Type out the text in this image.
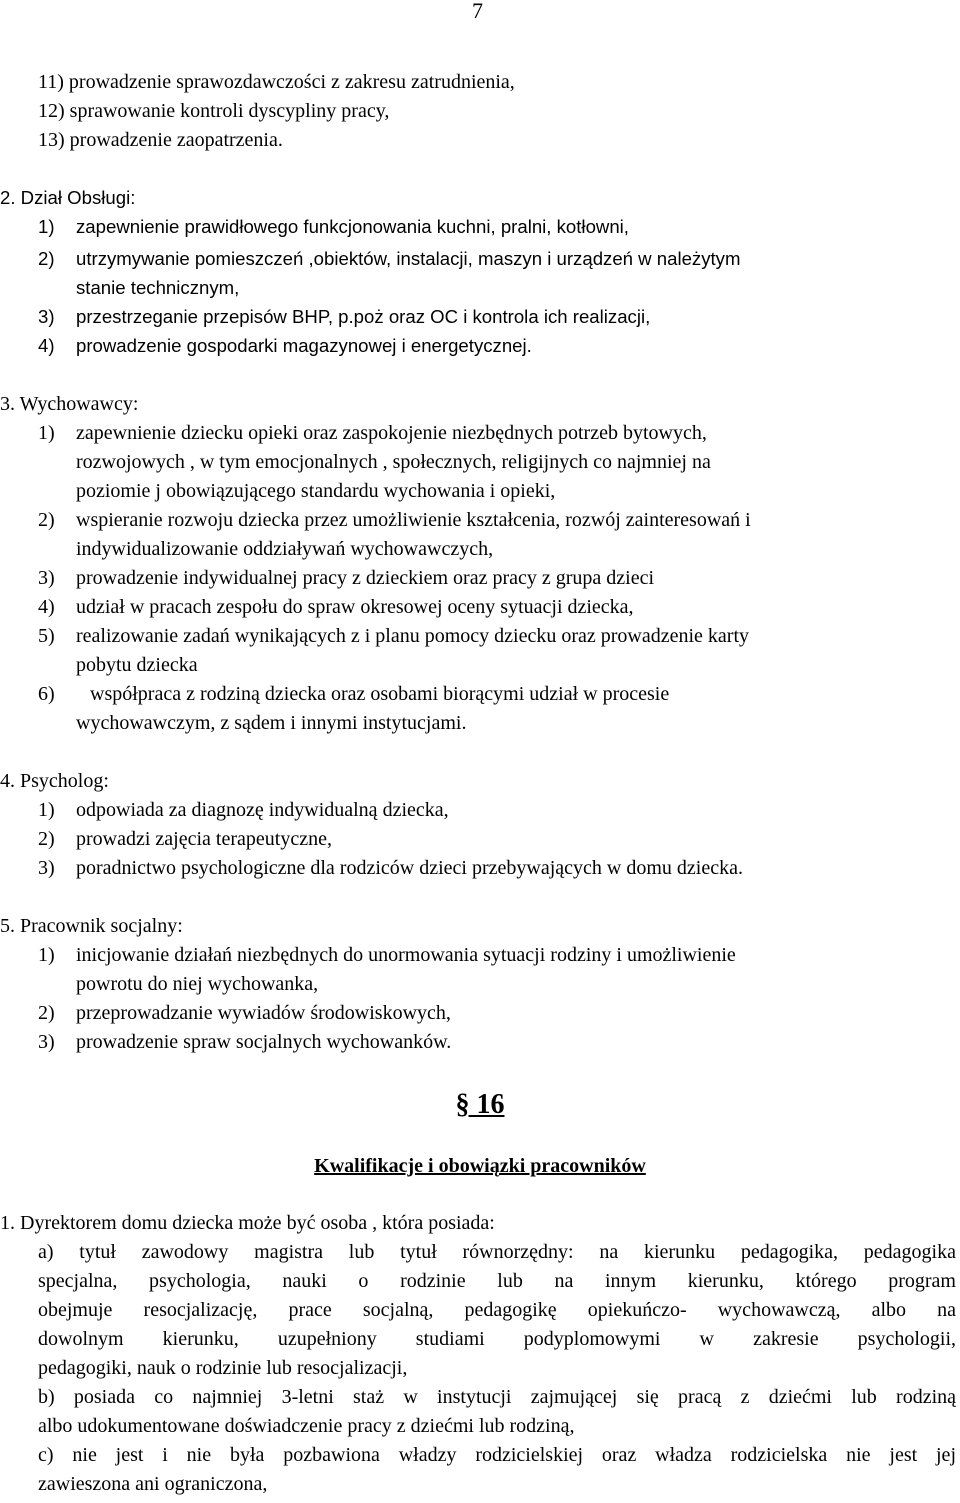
7
11) prowadzenie sprawozdawczości z zakresu zatrudnienia,
12) sprawowanie kontroli dyscypliny pracy,
13) prowadzenie zaopatrzenia.
2. Dział Obsługi:
1) zapewnienie prawidłowego funkcjonowania kuchni, pralni, kotłowni,
2) utrzymywanie pomieszczeń ,obiektów, instalacji, maszyn i urządzeń w należytym
stanie technicznym,
3) przestrzeganie przepisów BHP, p.poż oraz OC i kontrola ich realizacji,
4) prowadzenie gospodarki magazynowej i energetycznej.
3. Wychowawcy:
1) zapewnienie dziecku opieki oraz zaspokojenie niezbędnych potrzeb bytowych,
rozwojowych , w tym emocjonalnych , społecznych, religijnych co najmniej na
poziomie j obowiązującego standardu wychowania i opieki,
2) wspieranie rozwoju dziecka przez umożliwienie kształcenia, rozwój zainteresowań i
indywidualizowanie oddziaływań wychowawczych,
3) prowadzenie indywidualnej pracy z dzieckiem oraz pracy z grupa dzieci
4) udział w pracach zespołu do spraw okresowej oceny sytuacji dziecka,
5) realizowanie zadań wynikających z i planu pomocy dziecku oraz prowadzenie karty
pobytu dziecka
6) współpraca z rodziną dziecka oraz osobami biorącymi udział w procesie
wychowawczym, z sądem i innymi instytucjami.
4. Psycholog:
1) odpowiada za diagnozę indywidualną dziecka,
2) prowadzi zajęcia terapeutyczne,
3) poradnictwo psychologiczne dla rodziców dzieci przebywających w domu dziecka.
5. Pracownik socjalny:
1) inicjowanie działań niezbędnych do unormowania sytuacji rodziny i umożliwienie
powrotu do niej wychowanka,
2) przeprowadzanie wywiadów środowiskowych,
3) prowadzenie spraw socjalnych wychowanków.
§ 16
Kwalifikacje i obowiązki pracowników
1. Dyrektorem domu dziecka może być osoba , która posiada:
a) tytuł zawodowy magistra lub tytuł równorzędny: na kierunku pedagogika, pedagogika
specjalna, psychologia, nauki o rodzinie lub na innym kierunku, którego program
obejmuje resocjalizację, prace socjalną, pedagogikę opiekuńczo- wychowawczą, albo na
dowolnym kierunku, uzupełniony studiami podyplomowymi w zakresie psychologii,
pedagogiki, nauk o rodzinie lub resocjalizacji,
b) posiada co najmniej 3-letni staż w instytucji zajmującej się pracą z dziećmi lub rodziną
albo udokumentowane doświadczenie pracy z dziećmi lub rodziną,
c) nie jest i nie była pozbawiona władzy rodzicielskiej oraz władza rodzicielska nie jest jej
zawieszona ani ograniczona,
